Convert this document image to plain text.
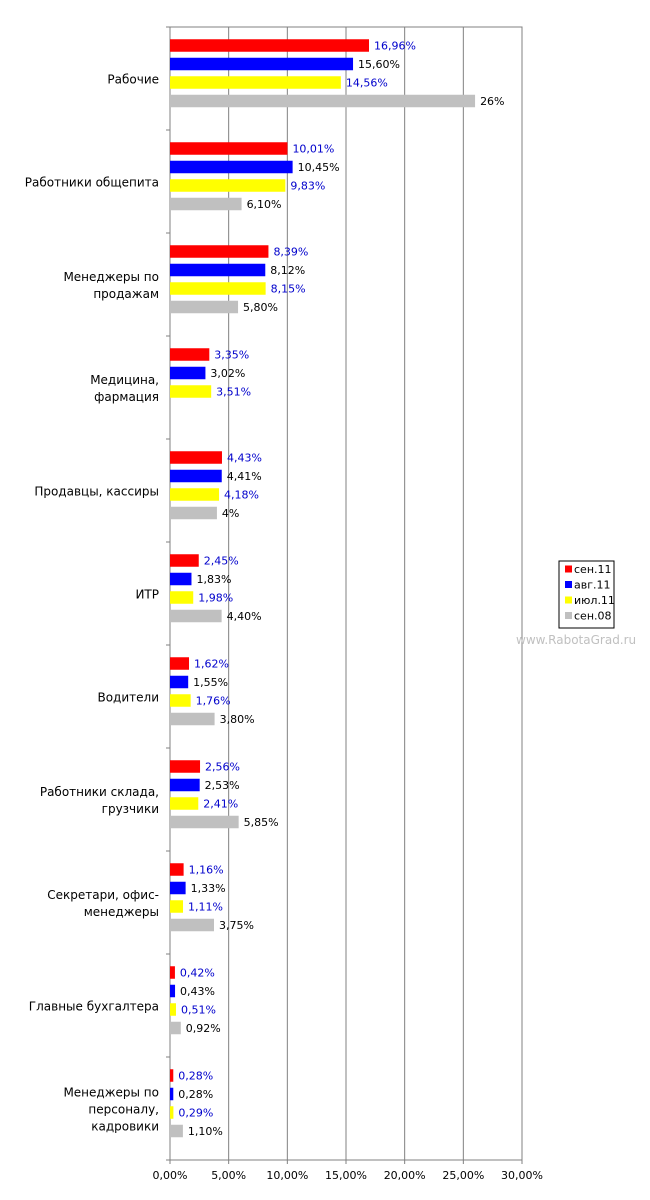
0,00% 5,00% 10,00% 15,00% 20,00% 25,00% 30,00%
16,96%
15,60%
14,56%
26%
Рабочие
10,01%
10,45%
9,83%
6,10%
Работники общепита
8,39%
8,12%
8,15%
5,80%
Менеджеры по
продажам
3,35%
3,02%
3,51%
Медицина,
фармация
4,43%
4,41%
4,18%
4%
Продавцы, кассиры
2,45%
1,83%
1,98%
4,40%
ИТР
1,62%
1,55%
1,76%
3,80%
Водители
2,56%
2,53%
2,41%
5,85%
Работники склада,
грузчики
1,16%
1,33%
1,11%
3,75%
Секретари, офис-
менеджеры
0,42%
0,43%
0,51%
0,92%
Главные бухгалтера
0,28%
0,28%
0,29%
1,10%
Менеджеры по
персоналу,
кадровики
сен.11
авг.11
июл.11
сен.08
www.RabotaGrad.ru
